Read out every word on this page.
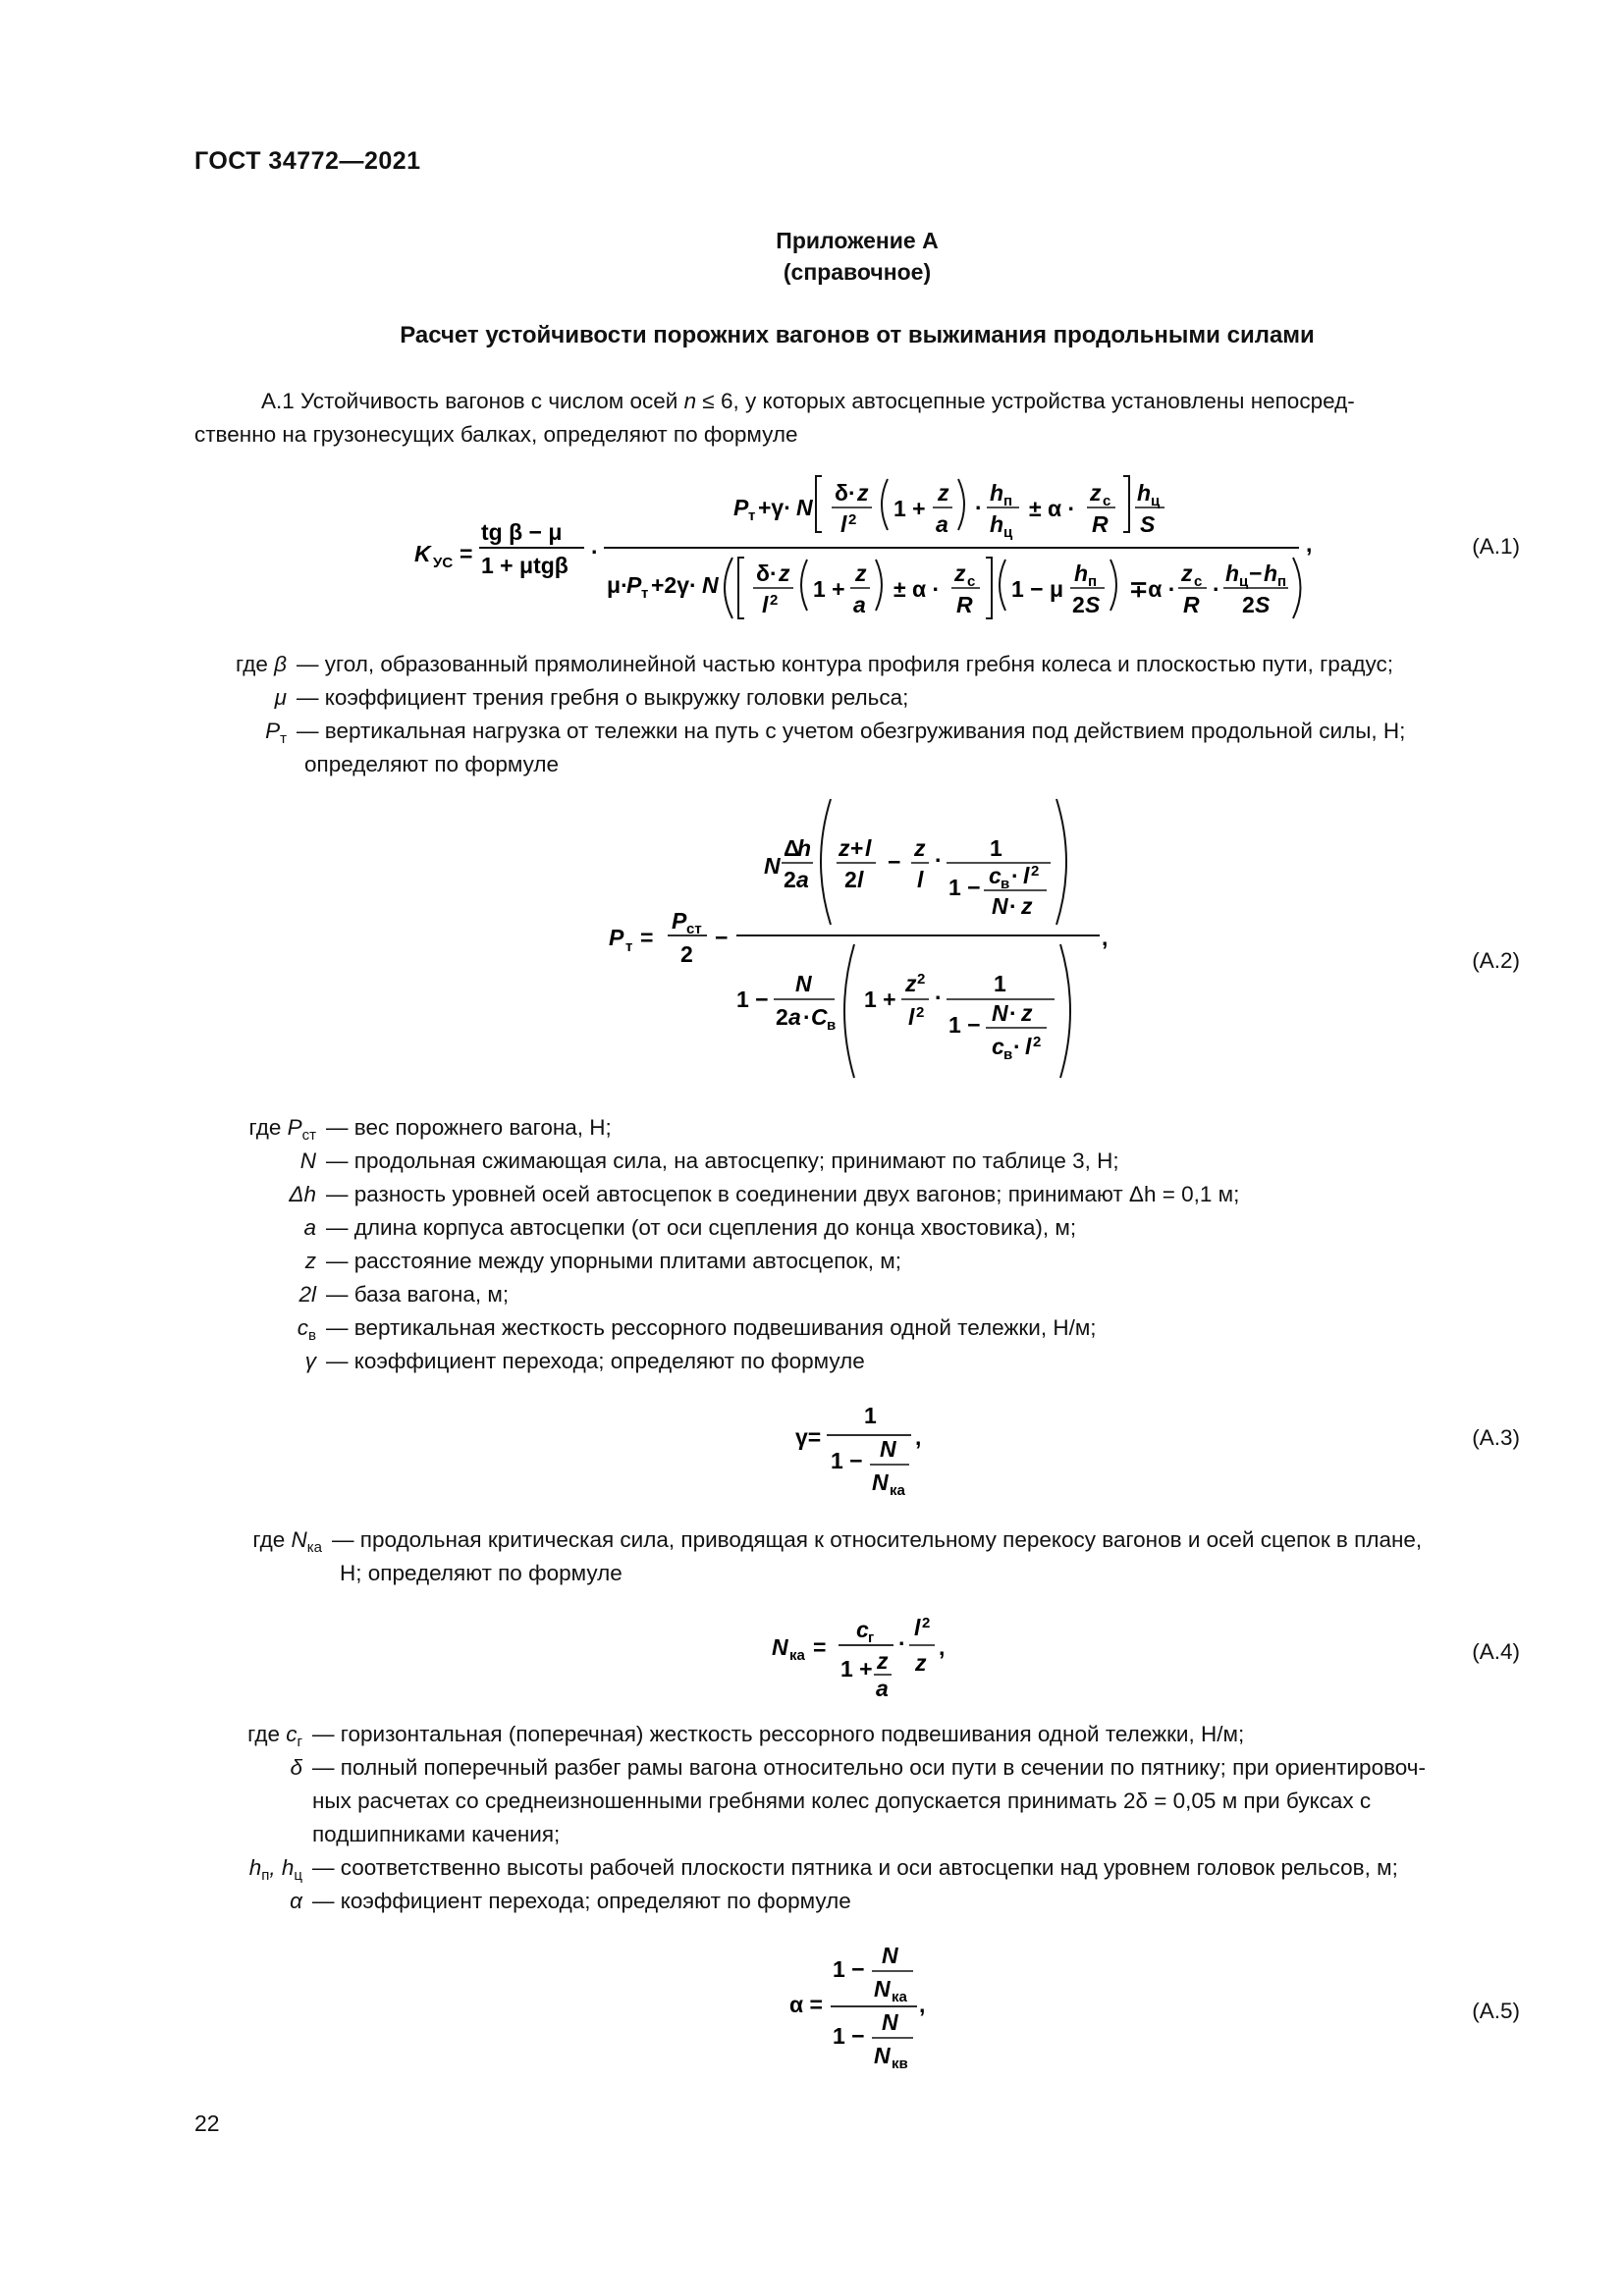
ГОСТ 34772—2021
Приложение А
(справочное)
Расчет устойчивости порожних вагонов от выжимания продольными силами
А.1 Устойчивость вагонов с числом осей n ≤ 6, у которых автосцепные устройства установлены непосред-
ственно на грузонесущих балках, определяют по формуле
K УС =
tg β − μ
1 + μtgβ
·
P т +γ· N
δ· z
l 2 1 +
z
a
·
h п
h ц
± α ·
z c
R
h ц
S
μ·
P т +2γ· N δ· z
l 2 1 +
z
a
± α ·
z c
R
1 − μ
h п
2 S
∓α ·
z c
R
·
h ц − h п
2 S
,	(А.1)
где β — угол, образованный прямолинейной частью контура профиля гребня колеса и плоскостью пути, градус;
μ — коэффициент трения гребня о выкружку головки рельса;
$P_т$ — вертикальная нагрузка от тележки на путь с учетом обезгруживания под действием продольной силы, Н;
определяют по формуле
P т =
P ст
2
−
N
Δ
h
2 a
z + l
2 l
−
z
l
· 1
1 − c в · l 2
N · z
1 −
N
2 a · C в
1 +
z 2
l 2
·
1
1 − N · z
c в · l 2
,
(А.2)
где $P_{ст}$ — вес порожнего вагона, Н;
N — продольная сжимающая сила, на автосцепку; принимают по таблице 3, Н;
Δh — разность уровней осей автосцепок в соединении двух вагонов; принимают Δh = 0,1 м;
a — длина корпуса автосцепки (от оси сцепления до конца хвостовика), м;
z — расстояние между упорными плитами автосцепок, м;
2l — база вагона, м;
$c_в$ — вертикальная жесткость рессорного подвешивания одной тележки, Н/м;
γ — коэффициент перехода; определяют по формуле
γ=
1
1 − N
N ка
,	(А.3)
где $N_{ка}$ — продольная критическая сила, приводящая к относительному перекосу вагонов и осей сцепок в плане,
Н; определяют по формуле
N ка =
c г
1 + z
a
·
l 2
z
,	(А.4)
где $c_г$ — горизонтальная (поперечная) жесткость рессорного подвешивания одной тележки, Н/м;
δ — полный поперечный разбег рамы вагона относительно оси пути в сечении по пятнику; при ориентировоч-
ных расчетах со среднеизношенными гребнями колес допускается принимать 2δ = 0,05 м при буксах с
подшипниками качения;
$h_п$, $h_ц$ — соответственно высоты рабочей плоскости пятника и оси автосцепки над уровнем головок рельсов, м;
α — коэффициент перехода; определяют по формуле
α =
1 −
N
N ка
1 −
N
N кв
,	(А.5)
22
